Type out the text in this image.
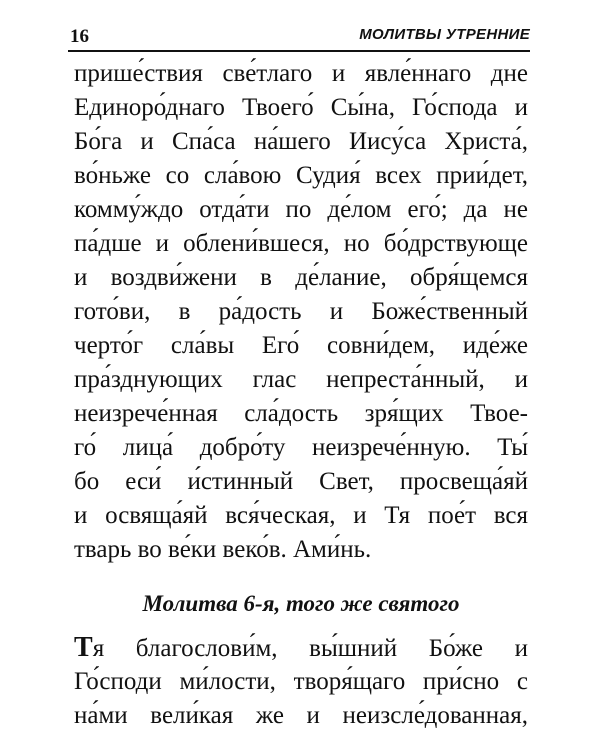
16	МОЛИТВЫ УТРЕННИЕ
прише́ствия све́тлаго и явле́ннаго дне
Единоро́днаго Твоего́ Сы́на, Го́спода и
Бо́га и Спа́са на́шего Иису́са Христа́,
во́ньже со сла́вою Судия́ всех прии́дет,
комму́ждо отда́ти по де́лом его́; да не
па́дше и облени́вшеся, но бо́дрствующе
и воздви́жени в де́лание, обря́щемся
гото́ви, в ра́дость и Боже́ственный
черто́г сла́вы Его́ совни́дем, иде́же
пра́зднующих глас непреста́нный, и
неизрече́нная сла́дость зря́щих Твое-
го́ лица́ добро́ту неизрече́нную. Ты́
бо еси́ и́стинный Свет, просвеща́яй
и освяща́яй вся́ческая, и Тя пое́т вся
тварь во ве́ки веко́в. Ами́нь.
Молитва 6-я, того же святого
Тя благослови́м, вы́шний Бо́же и
Го́споди ми́лости, творя́щаго при́сно с
на́ми вели́кая же и неизсле́дованная,
